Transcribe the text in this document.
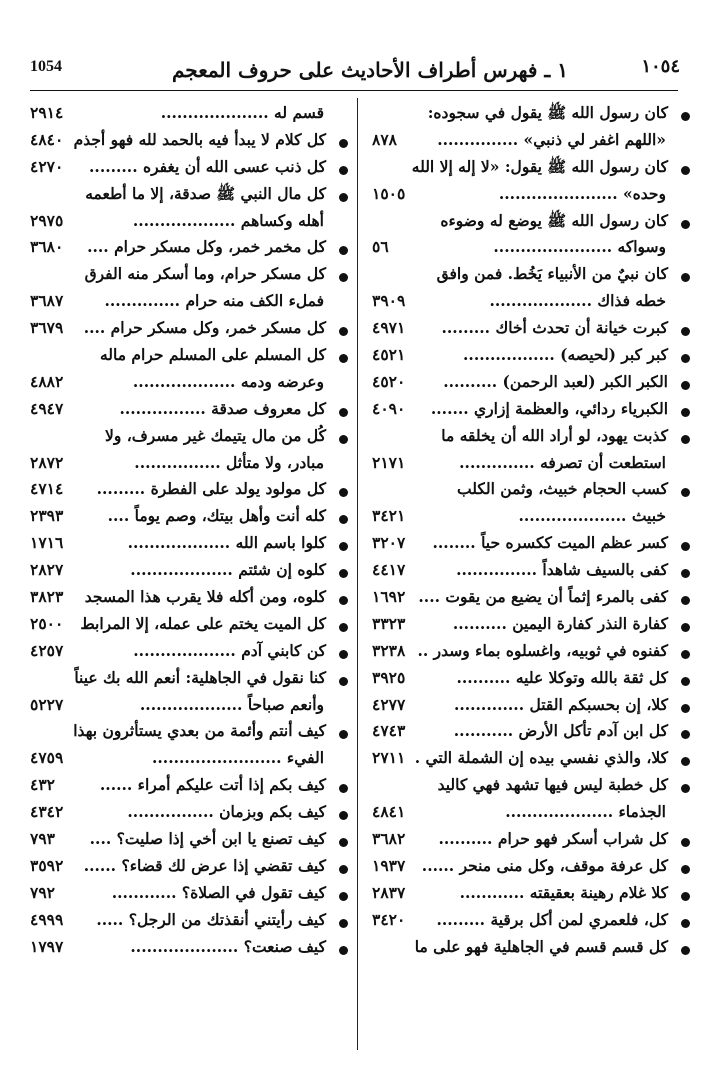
1054	١ ـ فهرس أطراف الأحاديث على حروف المعجم	١٠٥٤
كان رسول الله ﷺ يقول في سجوده:
«اللهم اغفر لي ذنبي» ...............
٨٧٨
كان رسول الله ﷺ يقول: «لا إله إلا الله
وحده» ......................
١٥٠٥
كان رسول الله ﷺ يوضع له وضوءه
وسواكه ......................
٥٦
كان نبيٌ من الأنبياء يَخُط. فمن وافق
خطه فذاك ...................
٣٩٠٩
كبرت خيانة أن تحدث أخاك .........
٤٩٧١
كبر كبر (لحيصه) .................
٤٥٢١
الكبر الكبر (لعبد الرحمن) ..........
٤٥٢٠
الكبرياء ردائي، والعظمة إزاري .......
٤٠٩٠
كذبت يهود، لو أراد الله أن يخلقه ما
استطعت أن تصرفه ..............
٢١٧١
كسب الحجام خبيث، وثمن الكلب
خبيث ....................
٣٤٢١
كسر عظم الميت ككسره حياً ........
٣٢٠٧
كفى بالسيف شاهداً ...............
٤٤١٧
كفى بالمرء إثماً أن يضيع من يقوت ....
١٦٩٢
كفارة النذر كفارة اليمين ..........
٣٣٢٣
كفنوه في ثوبيه، واغسلوه بماء وسدر ..
٣٢٣٨
كل ثقة بالله وتوكلا عليه ..........
٣٩٢٥
كلا، إن بحسبكم القتل .............
٤٢٧٧
كل ابن آدم تأكل الأرض ...........
٤٧٤٣
كلا، والذي نفسي بيده إن الشملة التي .
٢٧١١
كل خطبة ليس فيها تشهد فهي كاليد
الجذماء ....................
٤٨٤١
كل شراب أسكر فهو حرام ..........
٣٦٨٢
كل عرفة موقف، وكل منى منحر ......
١٩٣٧
كلا غلام رهينة بعقيقته ............
٢٨٣٧
كل، فلعمري لمن أكل برقية .........
٣٤٢٠
كل قسم قسم في الجاهلية فهو على ما
قسم له ....................
٢٩١٤
كل كلام لا يبدأ فيه بالحمد لله فهو أجذم
٤٨٤٠
كل ذنب عسى الله أن يغفره .........
٤٢٧٠
كل مال النبي ﷺ صدقة، إلا ما أطعمه
أهله وكساهم ...................
٢٩٧٥
كل مخمر خمر، وكل مسكر حرام ....
٣٦٨٠
كل مسكر حرام، وما أسكر منه الفرق
فملء الكف منه حرام ..............
٣٦٨٧
كل مسكر خمر، وكل مسكر حرام ....
٣٦٧٩
كل المسلم على المسلم حرام ماله
وعرضه ودمه ...................
٤٨٨٢
كل معروف صدقة ................
٤٩٤٧
كُل من مال يتيمك غير مسرف، ولا
مبادر، ولا متأثل ................
٢٨٧٢
كل مولود يولد على الفطرة .........
٤٧١٤
كله أنت وأهل بيتك، وصم يوماً ....
٢٣٩٣
كلوا باسم الله ...................
١٧١٦
كلوه إن شئتم ...................
٢٨٢٧
كلوه، ومن أكله فلا يقرب هذا المسجد
٣٨٢٣
كل الميت يختم على عمله، إلا المرابط
٢٥٠٠
كن كابني آدم ...................
٤٢٥٧
كنا نقول في الجاهلية: أنعم الله بك عيناً
وأنعم صباحاً ...................
٥٢٢٧
كيف أنتم وأئمة من بعدي يستأثرون بهذا
الفيء ........................
٤٧٥٩
كيف بكم إذا أتت عليكم أمراء ......
٤٣٢
كيف بكم وبزمان ................
٤٣٤٢
كيف تصنع يا ابن أخي إذا صليت؟ ....
٧٩٣
كيف تقضي إذا عرض لك قضاء؟ ......
٣٥٩٢
كيف تقول في الصلاة؟ ............
٧٩٢
كيف رأيتني أنقذتك من الرجل؟ .....
٤٩٩٩
كيف صنعت؟ ....................
١٧٩٧
